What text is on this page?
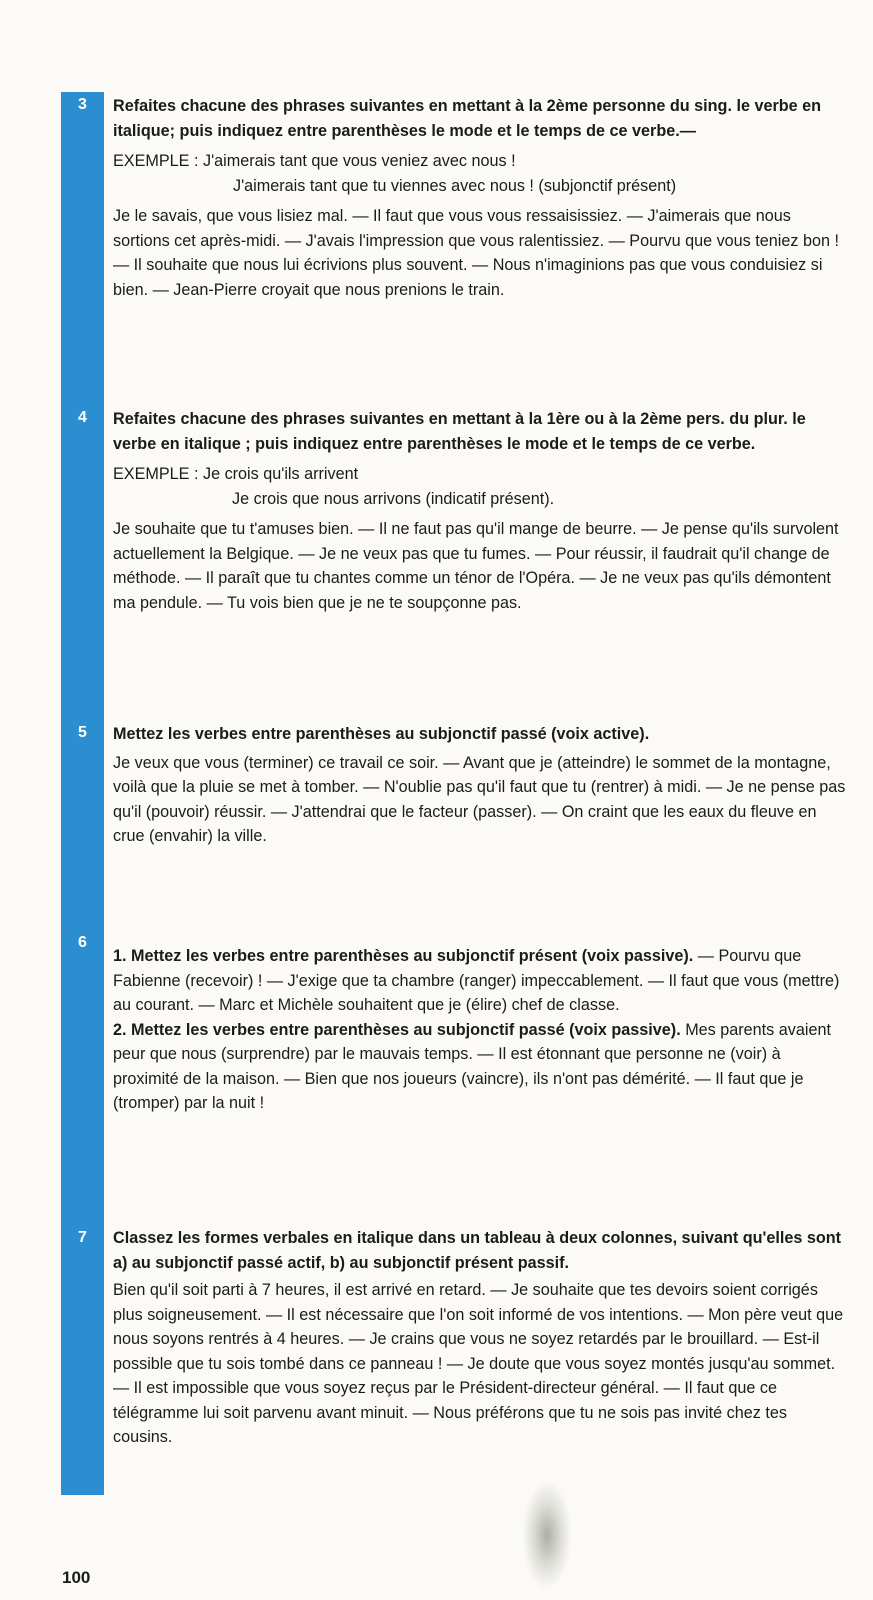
3
4
5
6
7

Refaites chacune des phrases suivantes en mettant à la 2ème personne du sing. le verbe en italique; puis indiquez entre parenthèses le mode et le temps de ce verbe.—

EXEMPLE : J'aimerais tant que vous veniez avec nous !
J'aimerais tant que tu viennes avec nous ! (subjonctif présent)

Je le savais, que vous lisiez mal. — Il faut que vous vous ressaisissiez. — J'aimerais que nous sortions cet après-midi. — J'avais l'impression que vous ralentissiez. — Pourvu que vous teniez bon ! — Il souhaite que nous lui écrivions plus souvent. — Nous n'imaginions pas que vous conduisiez si bien. — Jean-Pierre croyait que nous prenions le train.

Refaites chacune des phrases suivantes en mettant à la 1ère ou à la 2ème pers. du plur. le verbe en italique ; puis indiquez entre parenthèses le mode et le temps de ce verbe.

EXEMPLE : Je crois qu'ils arrivent
Je crois que nous arrivons (indicatif présent).

Je souhaite que tu t'amuses bien. — Il ne faut pas qu'il mange de beurre. — Je pense qu'ils survolent actuellement la Belgique. — Je ne veux pas que tu fumes. — Pour réussir, il faudrait qu'il change de méthode. — Il paraît que tu chantes comme un ténor de l'Opéra. — Je ne veux pas qu'ils démontent ma pendule. — Tu vois bien que je ne te soupçonne pas.

Mettez les verbes entre parenthèses au subjonctif passé (voix active).

Je veux que vous (terminer) ce travail ce soir. — Avant que je (atteindre) le sommet de la montagne, voilà que la pluie se met à tomber. — N'oublie pas qu'il faut que tu (rentrer) à midi. — Je ne pense pas qu'il (pouvoir) réussir. — J'attendrai que le facteur (passer). — On craint que les eaux du fleuve en crue (envahir) la ville.

1. Mettez les verbes entre parenthèses au subjonctif présent (voix passive). — Pourvu que Fabienne (recevoir) ! — J'exige que ta chambre (ranger) impeccablement. — Il faut que vous (mettre) au courant. — Marc et Michèle souhaitent que je (élire) chef de classe.

2. Mettez les verbes entre parenthèses au subjonctif passé (voix passive). Mes parents avaient peur que nous (surprendre) par le mauvais temps. — Il est étonnant que personne ne (voir) à proximité de la maison. — Bien que nos joueurs (vaincre), ils n'ont pas démérité. — Il faut que je (tromper) par la nuit !

Classez les formes verbales en italique dans un tableau à deux colonnes, suivant qu'elles sont a) au subjonctif passé actif, b) au subjonctif présent passif.

Bien qu'il soit parti à 7 heures, il est arrivé en retard. — Je souhaite que tes devoirs soient corrigés plus soigneusement. — Il est nécessaire que l'on soit informé de vos intentions. — Mon père veut que nous soyons rentrés à 4 heures. — Je crains que vous ne soyez retardés par le brouillard. — Est-il possible que tu sois tombé dans ce panneau ! — Je doute que vous soyez montés jusqu'au sommet. — Il est impossible que vous soyez reçus par le Président-directeur général. — Il faut que ce télégramme lui soit parvenu avant minuit. — Nous préférons que tu ne sois pas invité chez tes cousins.

100
